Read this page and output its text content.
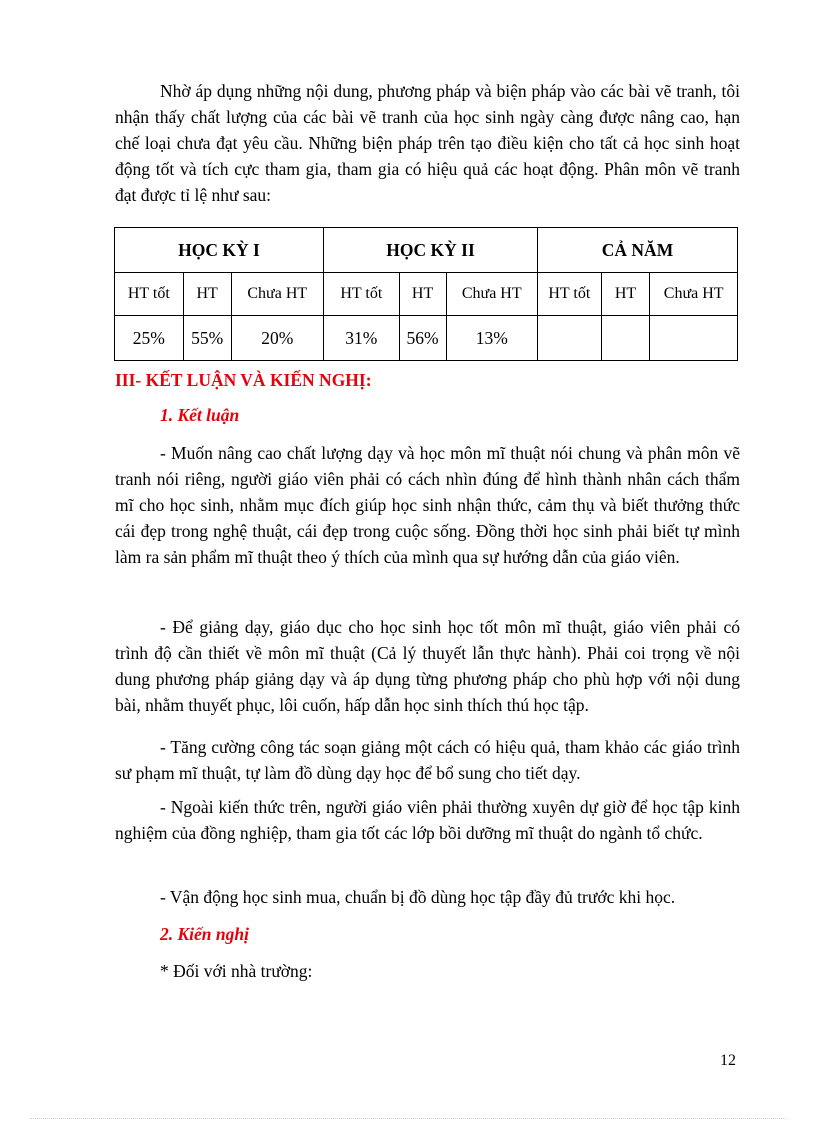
Nhờ áp dụng những nội dung, phương pháp và biện pháp vào các bài vẽ tranh, tôi nhận thấy chất lượng của các bài vẽ tranh của học sinh ngày càng được nâng cao, hạn chế loại chưa đạt yêu cầu. Những biện pháp trên tạo điều kiện cho tất cả học sinh hoạt động tốt và tích cực tham gia, tham gia có hiệu quả các hoạt động. Phân môn vẽ tranh đạt được tỉ lệ như sau:

HỌC KỲ I			HỌC KỲ II			CẢ NĂM		
HT tốt	HT	Chưa HT	HT tốt	HT	Chưa HT	HT tốt	HT	Chưa HT
25%	55%	20%	31%	56%	13%			

III- KẾT LUẬN VÀ KIẾN NGHỊ:

1. Kết luận

- Muốn nâng cao chất lượng dạy và học môn mĩ thuật nói chung và phân môn vẽ tranh nói riêng, người giáo viên phải có cách nhìn đúng để hình thành nhân cách thẩm mĩ cho học sinh, nhằm mục đích giúp học sinh nhận thức, cảm thụ và biết thưởng thức cái đẹp trong nghệ thuật, cái đẹp trong cuộc sống. Đồng thời học sinh phải biết tự mình làm ra sản phẩm mĩ thuật theo ý thích của mình qua sự hướng dẫn của giáo viên.

- Để giảng dạy, giáo dục cho học sinh học tốt môn mĩ thuật, giáo viên phải có trình độ cần thiết về môn mĩ thuật (Cả lý thuyết lẫn thực hành). Phải coi trọng về nội dung phương pháp giảng dạy và áp dụng từng phương pháp cho phù hợp với nội dung bài, nhằm thuyết phục, lôi cuốn, hấp dẫn học sinh thích thú học tập.

- Tăng cường công tác soạn giảng một cách có hiệu quả, tham khảo các giáo trình sư phạm mĩ thuật, tự làm đồ dùng dạy học để bổ sung cho tiết dạy.

- Ngoài kiến thức trên, người giáo viên phải thường xuyên dự giờ để học tập kinh nghiệm của đồng nghiệp, tham gia tốt các lớp bồi dưỡng mĩ thuật do ngành tổ chức.

- Vận động học sinh mua, chuẩn bị đồ dùng học tập đầy đủ trước khi học.

2. Kiến nghị

* Đối với nhà trường:

12
